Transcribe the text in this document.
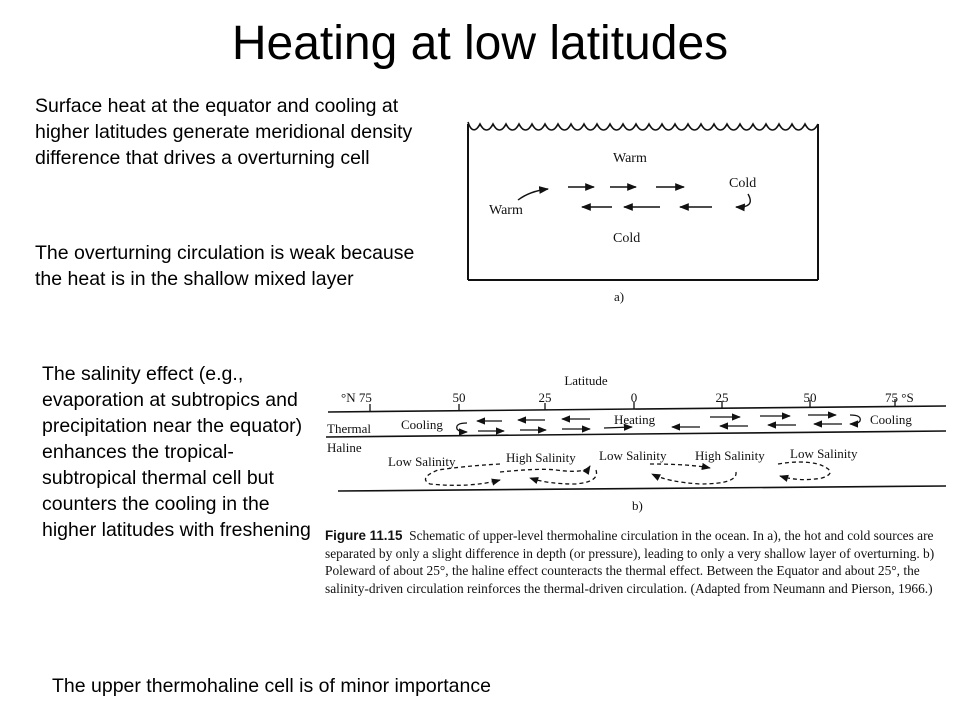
Heating at low latitudes
Surface heat at the equator and cooling at higher latitudes generate meridional density difference that drives a overturning cell
The overturning circulation is weak because the heat is in the shallow mixed layer
The salinity effect (e.g., evaporation at subtropics and precipitation near the equator) enhances the tropical-subtropical thermal cell but counters the cooling in the higher latitudes with freshening
The upper thermohaline cell is of minor importance
Warm
Cold
Warm
Cold
a)
Latitude
°N 75	50	25	0	25	50	75 °S
Thermal
Haline
Cooling	Heating	Cooling
Low Salinity	High Salinity Low Salinity High Salinity Low Salinity
b)
Figure 11.15 Schematic of upper-level thermohaline circulation in the ocean. In a), the hot and cold sources are separated by only a slight difference in depth (or pressure), leading to only a very shallow layer of overturning. b) Poleward of about 25°, the haline effect counteracts the thermal effect. Between the Equator and about 25°, the salinity-driven circulation reinforces the thermal-driven circulation. (Adapted from Neumann and Pierson, 1966.)
